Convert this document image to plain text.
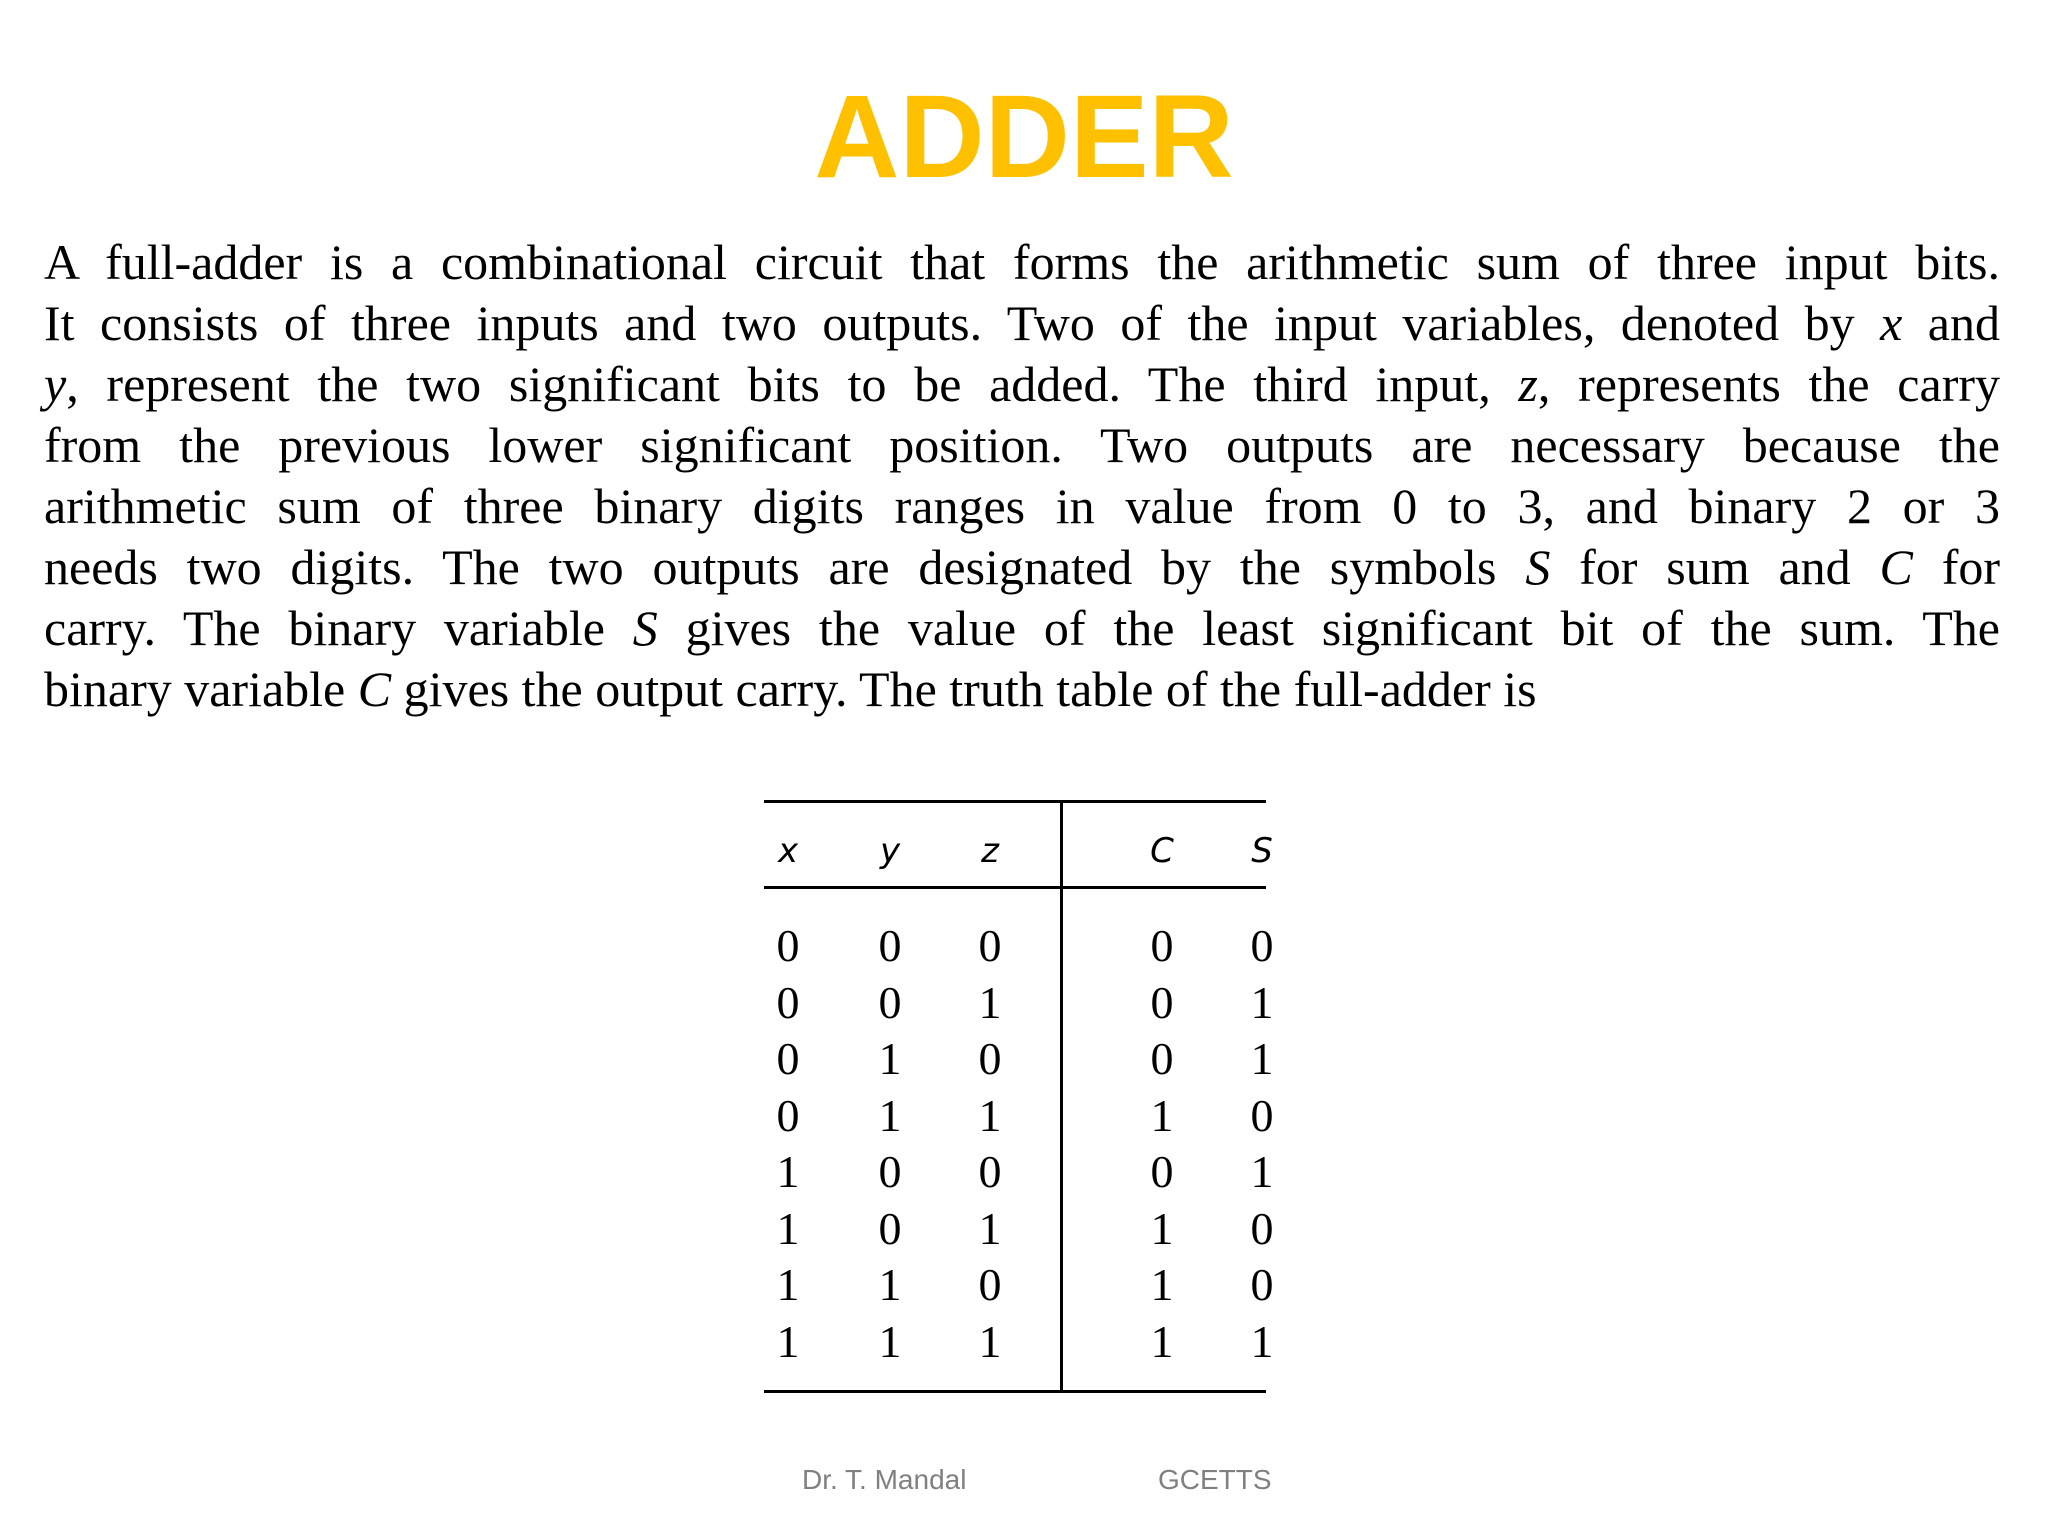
ADDER
A full-adder is a combinational circuit that forms the arithmetic sum of three input bits.
It consists of three inputs and two outputs. Two of the input variables, denoted by x and
y, represent the two significant bits to be added. The third input, z, represents the carry
from the previous lower significant position. Two outputs are necessary because the
arithmetic sum of three binary digits ranges in value from 0 to 3, and binary 2 or 3
needs two digits. The two outputs are designated by the symbols S for sum and C for
carry. The binary variable S gives the value of the least significant bit of the sum. The
binary variable C gives the output carry. The truth table of the full-adder is
x	y	z	C	S
0	0	0	0	0
0	0	1	0	1
0	1	0	0	1
0	1	1	1	0
1	0	0	0	1
1	0	1	1	0
1	1	0	1	0
1	1	1	1	1
Dr. T. Mandal	GCETTS
